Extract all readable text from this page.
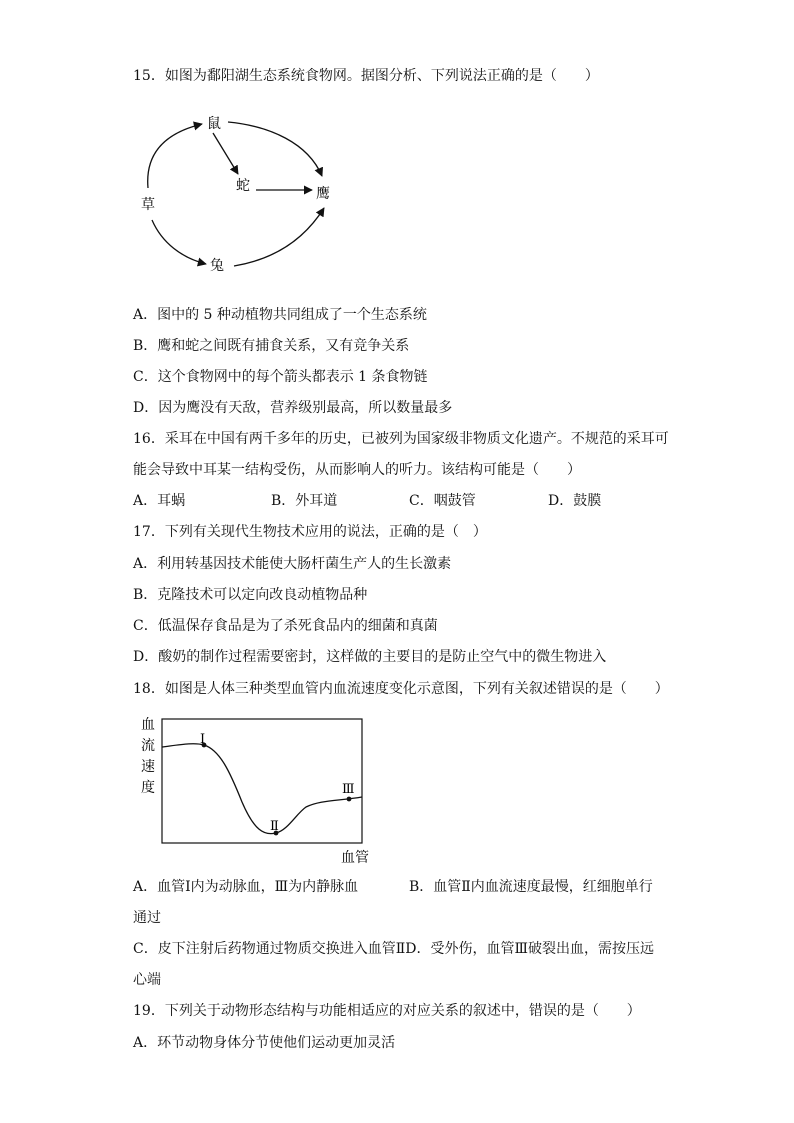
15．如图为鄱阳湖生态系统食物网。据图分析、下列说法正确的是（　　）
鼠
蛇	鹰
草
兔
A．图中的 5 种动植物共同组成了一个生态系统
B．鹰和蛇之间既有捕食关系，又有竞争关系
C．这个食物网中的每个箭头都表示 1 条食物链
D．因为鹰没有天敌，营养级别最高，所以数量最多
16．采耳在中国有两千多年的历史，已被列为国家级非物质文化遗产。不规范的采耳可
能会导致中耳某一结构受伤，从而影响人的听力。该结构可能是（　　）
A．耳蜗	B．外耳道	C．咽鼓管	D．鼓膜
17．下列有关现代生物技术应用的说法，正确的是（　）
A．利用转基因技术能使大肠杆菌生产人的生长激素
B．克隆技术可以定向改良动植物品种
C．低温保存食品是为了杀死食品内的细菌和真菌
D．酸奶的制作过程需要密封，这样做的主要目的是防止空气中的微生物进入
18．如图是人体三种类型血管内血流速度变化示意图，下列有关叙述错误的是（　　）
血
流
速
度
Ⅰ
Ⅱ
Ⅲ
血管
A．血管Ⅰ内为动脉血，Ⅲ为内静脉血	B．血管Ⅱ内血流速度最慢，红细胞单行
通过
C．皮下注射后药物通过物质交换进入血管ⅡD．受外伤，血管Ⅲ破裂出血，需按压远
心端
19．下列关于动物形态结构与功能相适应的对应关系的叙述中，错误的是（　　）
A．环节动物身体分节使他们运动更加灵活
